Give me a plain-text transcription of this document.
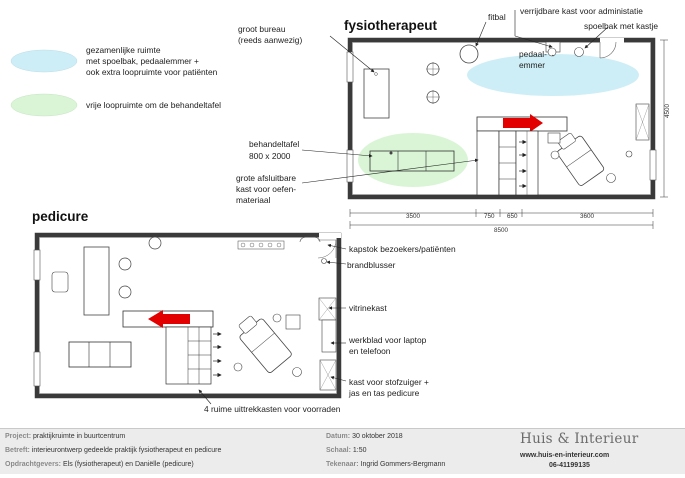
fysiotherapeut
pedicure
gezamenlijke ruimte
met spoelbak, pedaalemmer +
ook extra loopruimte voor patiënten
vrije loopruimte om de behandeltafel
groot bureau
(reeds aanwezig)
fitbal
verrijdbare kast voor administatie
spoelbak met kastje
pedaal-
emmer
behandeltafel
800 x 2000
grote afsluitbare
kast voor oefen-
materiaal
kapstok bezoekers/patiënten
brandblusser
vitrinekast
werkblad voor laptop
en telefoon
kast voor stofzuiger +
jas en tas pedicure
4 ruime uittrekkasten voor voorraden
3500	750 650	3600
8500
4500
Project: praktijkruimte in buurtcentrum
Betreft: interieurontwerp gedeelde praktijk fysiotherapeut en pedicure
Opdrachtgevers: Els (fysiotherapeut) en Daniëlle (pedicure)
Datum: 30 oktober 2018
Schaal: 1:50
Tekenaar: Ingrid Gommers-Bergmann
Huis & Interieur
www.huis-en-interieur.com
06-41199135
